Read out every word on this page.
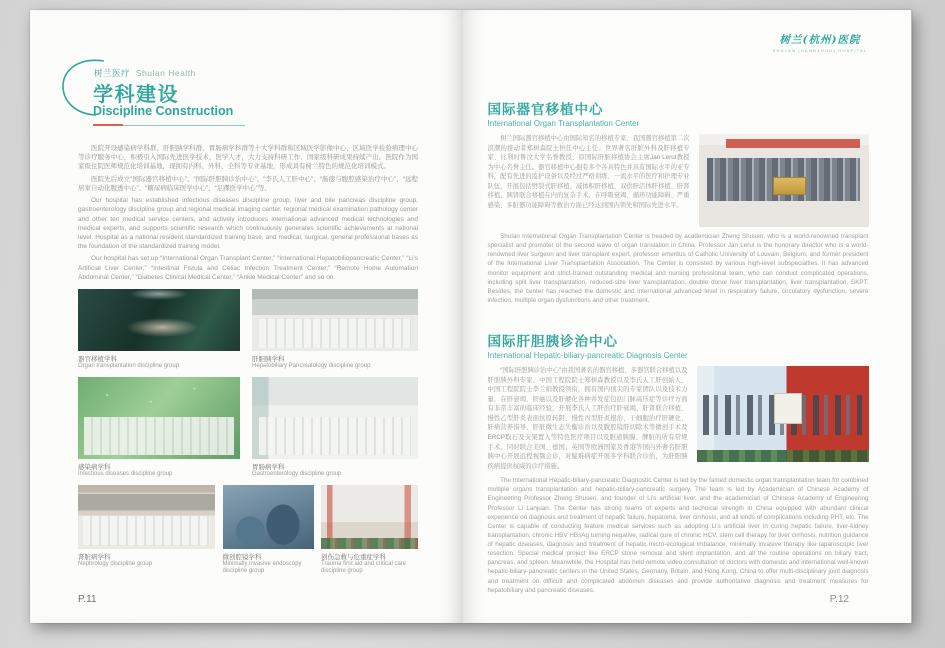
树兰医疗 Shulan Health
学科建设
Discipline Construction

医院开设感染病学科群、肝胆胰学科群、胃肠病学科群等十大学科群和区域医学影像中心、区域医学检验病理中心等诊疗服务中心，积极引入国际先进医学技术、医学人才，大力支持科研工作，国家级科研成果持续产出。医院作为国家级住院医师规范化培训基地，现拥有内科、外科、全科等专业基地，形成具有树兰特色的规范化培训模式。

医院先后成立“国际器官移植中心”、“国际肝胆胰诊治中心”、“李氏人工肝中心”、“肠瘘与腹腔感染治疗中心”、“远程居家自动化腹透中心”、“糖尿病临床医学中心”、“足踝医学中心”等。

Our hospital has established infectious diseases discipline group, liver and bile pancreas discipline group, gastroenterology discipline group and regional medical imaging center, regional medical examination pathology center and other ten medical service centers, and actively introduces international advanced medical technologies and medical experts, and supports scientific research which continuously generates scientific achievements at national level. Hospital as a national resident standardized training base, and medical, surgical, general professional bases as the foundation of the standardized training model.

Our hospital has set up “International Organ Transplant Center,” “International Hepatobiliopancreatic Center,” “Li's Artificial Liver Center,” “Intestinal Fistula and Celiac Infection Treatment Center,” “Remote Home Automation Abdominal Center,” “Diabetes Clinical Medical Center,” “Ankle Medical Center” and so on.

器官移植学科
Organ transplantation discipline group
肝胆胰学科
Hepatobiliary Pancreatology discipline group
感染病学科
Infectious diseases discipline group
胃肠病学科
Gastroenterology discipline group
肾脏病学科
Nephrology discipline group
微创腔镜学科
Minimally invasive endoscopy discipline group
创伤急救与危重症学科
Trauma first aid and critical care discipline group
P.11
树兰(杭州)医院
SHULAN (HANGZHOU) HOSPITAL
国际器官移植中心
International Organ Transplantation Center

树兰国际器官移植中心由国际知名的移植专家、我国器官移植第二次浪潮的推动者郑树森院士担任中心主任。世界著名肝脏外科及肝移植专家、比利时鲁汶大学名誉教授、原国际肝脏移植协会主席Jan Lerut教授为中心名誉主任。器官移植中心拥有多个各具特色并具有国际水平的亚专科，配有先进的监护设备以及经过严格训练、一流水平的医疗和护理专业队伍，开展包括劈裂式肝移植、减体积肝移植、双供肝活体肝移植、肝肾移植、胰肾联合移植在内的复杂手术。在呼吸衰竭、循环功能障碍、严重感染、多脏器功能障碍等救治方面已经达到国内领先和国际先进水平。

Shulan International Organ Transplantation Center is headed by academician Zheng Shusen, who is a world-renowned transplant specialist and promoter of the second wave of organ translation in China. Professor Jan Lerut is the honorary director who is a world-renowned liver surgeon and liver transplant expert, professor emeritus of Catholic University of Louvain, Belgium, and former president of the International Liver Transplantation Association. The Center is consisted by various high-level subspecialties. It has advanced monitor equipment and strict-trained outstanding medical and nursing professional team, who can conduct complicated operations, including split liver transplantation, reduced-size liver transplantation, double donor liver transplantation, liver transplantation, SKPT. Besides, the center has reached the domestic and international advanced level in respiratory failure, circulatory dysfunction, severe infection, multiple organ dysfunctions and other treatment.

国际肝胆胰诊治中心
International Hepatic-biliary-pancreatic Diagnosis Center

“国际肝胆胰诊治中心”由我国著名的器官移植、多器官联合移植以及肝胆胰外科专家、中国工程院院士郑树森教授以及李氏人工肝创始人、中国工程院院士李兰娟教授领衔，拥有国内顶尖的专家团队以及技术力量，在肝衰竭、肝癌以及肝硬化各种并发症包括门脉高压症等诊疗方面有非常丰富的临床经验，开展李氏人工肝治疗肝衰竭、肝肾联合移植、慢性乙型肝炎表面抗原转阴、慢性丙型肝炎根治、干细胞治疗肝硬化、肝病营养指导、肝脏微生态失衡诊治以及腹腔镜肝切除术等微创手术及ERCP取石及支架置入等特色医疗项目以及胆道胰腺、脾脏的所有常规手术。同时联合美国、德国、英国等欧洲国家及香港等国内外著名肝胆胰中心开展远程视频会诊，对疑难病症开展多学科联合诊治，为肝胆胰疾病提供权威的诊疗措施。

The International Hepatic-biliary-pancreatic Diagnostic Center is led by the famed domestic organ transplantation team for combined multiple organs transplantation and hepatic-biliary-pancreatic surgery. The team is led by Academician of Chinese Academy of Engineering Professor Zheng Shusen, and founder of Li's artificial liver, and the academician of Chinese Academy of Engineering Professor Li Lanjuan. The Center has strong teams of experts and technical strength in China equipped with abundant clinical experience on diagnosis and treatment of hepatic failure, hepatoma, liver cirrhosis, and all kinds of complications including PHT, etc. The Center is capable of conducting feature medical services such as adopting Li's artificial liver in curing hepatic failure, liver-kidney transplantation, chronic HBV HBsAg turning negative, radical cure of chronic HCV, stem cell therapy for liver cirrhosis, nutrition guidance of hepatic diseases, diagnosis and treatment of hepatic micro-ecological imbalance, minimally invasive therapy like laparoscopic liver resection. Special medical project like ERCP stone removal and stent implantation, and all the routine operations on biliary tract, pancreas, and spleen. Meanwhile, the Hospital has held remote video consultation of doctors with domestic and international well-known hepatic-biliary-pancreatic centers in the United States, Germany, Britain, and Hong Kong, China to offer multi-disciplinary joint diagnosis and treatment on difficult and complicated abdomen diseases and provide authoritative diagnosis and treatment measures for hepatobiliary and pancreatic diseases.

P.12
